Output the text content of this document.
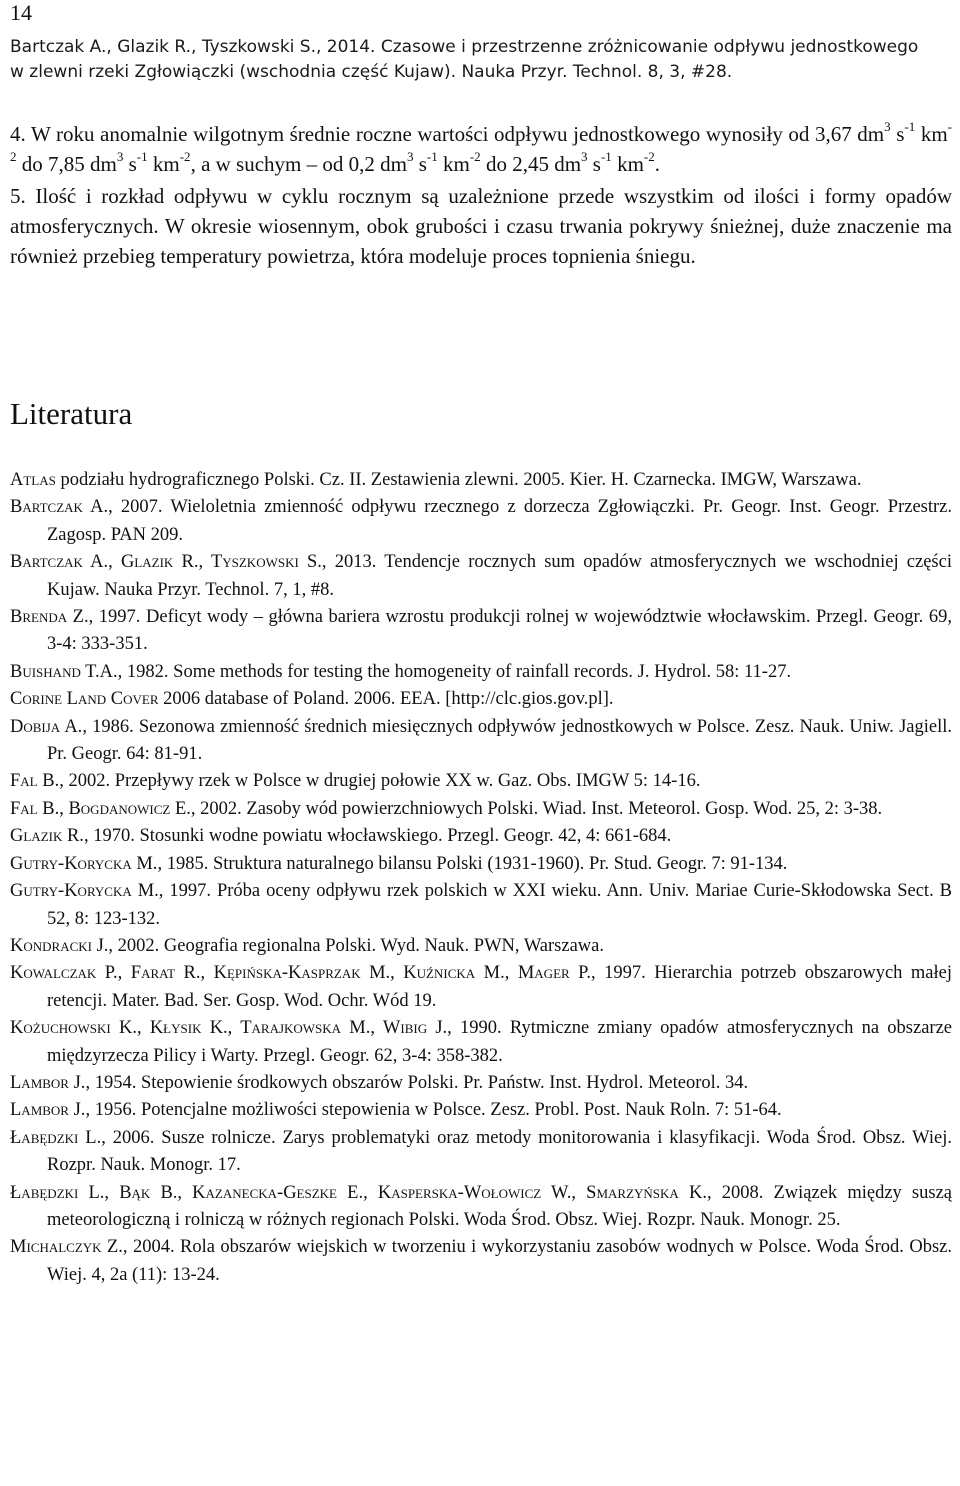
14
Bartczak A., Glazik R., Tyszkowski S., 2014. Czasowe i przestrzenne zróżnicowanie odpływu jednostkowego
w zlewni rzeki Zgłowiączki (wschodnia część Kujaw). Nauka Przyr. Technol. 8, 3, #28.

4. W roku anomalnie wilgotnym średnie roczne wartości odpływu jednostkowego wynosiły od 3,67 $dm^3$ $s^{-1}$ $km^{-2}$ do 7,85 $dm^3$ $s^{-1}$ $km^{-2}$, a w suchym – od 0,2 $dm^3$ $s^{-1}$ $km^{-2}$ do 2,45 $dm^3$ $s^{-1}$ $km^{-2}$.

5. Ilość i rozkład odpływu w cyklu rocznym są uzależnione przede wszystkim od ilości i formy opadów atmosferycznych. W okresie wiosennym, obok grubości i czasu trwania pokrywy śnieżnej, duże znaczenie ma również przebieg temperatury powietrza, która modeluje proces topnienia śniegu.

Literatura
Atlas podziału hydrograficznego Polski. Cz. II. Zestawienia zlewni. 2005. Kier. H. Czarnecka. IMGW, Warszawa.
Bartczak A., 2007. Wieloletnia zmienność odpływu rzecznego z dorzecza Zgłowiączki. Pr. Geogr. Inst. Geogr. Przestrz. Zagosp. PAN 209.
Bartczak A., Glazik R., Tyszkowski S., 2013. Tendencje rocznych sum opadów atmosferycznych we wschodniej części Kujaw. Nauka Przyr. Technol. 7, 1, #8.
Brenda Z., 1997. Deficyt wody – główna bariera wzrostu produkcji rolnej w województwie włocławskim. Przegl. Geogr. 69, 3-4: 333-351.
Buishand T.A., 1982. Some methods for testing the homogeneity of rainfall records. J. Hydrol. 58: 11-27.
Corine Land Cover 2006 database of Poland. 2006. EEA. [http://clc.gios.gov.pl].
Dobija A., 1986. Sezonowa zmienność średnich miesięcznych odpływów jednostkowych w Polsce. Zesz. Nauk. Uniw. Jagiell. Pr. Geogr. 64: 81-91.
Fal B., 2002. Przepływy rzek w Polsce w drugiej połowie XX w. Gaz. Obs. IMGW 5: 14-16.
Fal B., Bogdanowicz E., 2002. Zasoby wód powierzchniowych Polski. Wiad. Inst. Meteorol. Gosp. Wod. 25, 2: 3-38.
Glazik R., 1970. Stosunki wodne powiatu włocławskiego. Przegl. Geogr. 42, 4: 661-684.
Gutry-Korycka M., 1985. Struktura naturalnego bilansu Polski (1931-1960). Pr. Stud. Geogr. 7: 91-134.
Gutry-Korycka M., 1997. Próba oceny odpływu rzek polskich w XXI wieku. Ann. Univ. Mariae Curie-Skłodowska Sect. B 52, 8: 123-132.
Kondracki J., 2002. Geografia regionalna Polski. Wyd. Nauk. PWN, Warszawa.
Kowalczak P., Farat R., Kępińska-Kasprzak M., Kuźnicka M., Mager P., 1997. Hierarchia potrzeb obszarowych małej retencji. Mater. Bad. Ser. Gosp. Wod. Ochr. Wód 19.
Kożuchowski K., Kłysik K., Tarajkowska M., Wibig J., 1990. Rytmiczne zmiany opadów atmosferycznych na obszarze międzyrzecza Pilicy i Warty. Przegl. Geogr. 62, 3-4: 358-382.
Lambor J., 1954. Stepowienie środkowych obszarów Polski. Pr. Państw. Inst. Hydrol. Meteorol. 34.
Lambor J., 1956. Potencjalne możliwości stepowienia w Polsce. Zesz. Probl. Post. Nauk Roln. 7: 51-64.
Łabędzki L., 2006. Susze rolnicze. Zarys problematyki oraz metody monitorowania i klasyfikacji. Woda Środ. Obsz. Wiej. Rozpr. Nauk. Monogr. 17.
Łabędzki L., Bąk B., Kazanecka-Geszke E., Kasperska-Wołowicz W., Smarzyńska K., 2008. Związek między suszą meteorologiczną i rolniczą w różnych regionach Polski. Woda Środ. Obsz. Wiej. Rozpr. Nauk. Monogr. 25.
Michalczyk Z., 2004. Rola obszarów wiejskich w tworzeniu i wykorzystaniu zasobów wodnych w Polsce. Woda Środ. Obsz. Wiej. 4, 2a (11): 13-24.
